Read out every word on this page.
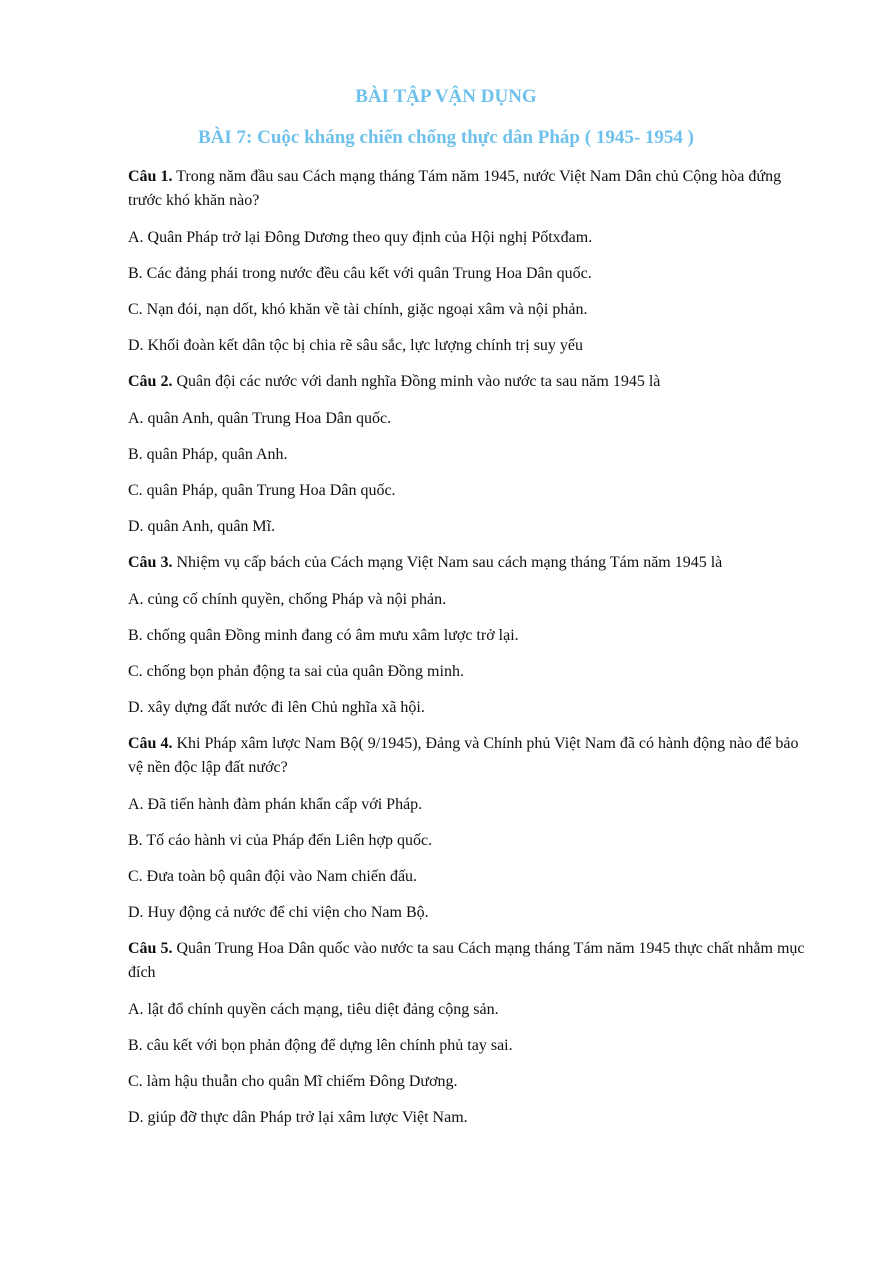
BÀI TẬP VẬN DỤNG
BÀI 7: Cuộc kháng chiến chống thực dân Pháp ( 1945- 1954 )

Câu 1. Trong năm đầu sau Cách mạng tháng Tám năm 1945, nước Việt Nam Dân chủ Cộng hòa đứng trước khó khăn nào?

A. Quân Pháp trở lại Đông Dương theo quy định của Hội nghị Pốtxđam.

B. Các đảng phái trong nước đều câu kết với quân Trung Hoa Dân quốc.

C. Nạn đói, nạn dốt, khó khăn về tài chính, giặc ngoại xâm và nội phản.

D. Khối đoàn kết dân tộc bị chia rẽ sâu sắc, lực lượng chính trị suy yếu

Câu 2. Quân đội các nước với danh nghĩa Đồng minh vào nước ta sau năm 1945 là

A. quân Anh, quân Trung Hoa Dân quốc.

B. quân Pháp, quân Anh.

C. quân Pháp, quân Trung Hoa Dân quốc.

D. quân Anh, quân Mĩ.

Câu 3. Nhiệm vụ cấp bách của Cách mạng Việt Nam sau cách mạng tháng Tám năm 1945 là

A. củng cố chính quyền, chống Pháp và nội phản.

B. chống quân Đồng minh đang có âm mưu xâm lược trở lại.

C. chống bọn phản động ta sai của quân Đồng minh.

D. xây dựng đất nước đi lên Chủ nghĩa xã hội.

Câu 4. Khi Pháp xâm lược Nam Bộ( 9/1945), Đảng và Chính phủ Việt Nam đã có hành động nào để bảo vệ nền độc lập đất nước?

A. Đã tiến hành đàm phán khẩn cấp với Pháp.

B. Tố cáo hành vi của Pháp đến Liên hợp quốc.

C. Đưa toàn bộ quân đội vào Nam chiến đấu.

D. Huy động cả nước để chi viện cho Nam Bộ.

Câu 5. Quân Trung Hoa Dân quốc vào nước ta sau Cách mạng tháng Tám năm 1945 thực chất nhằm mục đích

A. lật đổ chính quyền cách mạng, tiêu diệt đảng cộng sản.

B. câu kết với bọn phản động để dựng lên chính phủ tay sai.

C. làm hậu thuẫn cho quân Mĩ chiếm Đông Dương.

D. giúp đỡ thực dân Pháp trở lại xâm lược Việt Nam.
